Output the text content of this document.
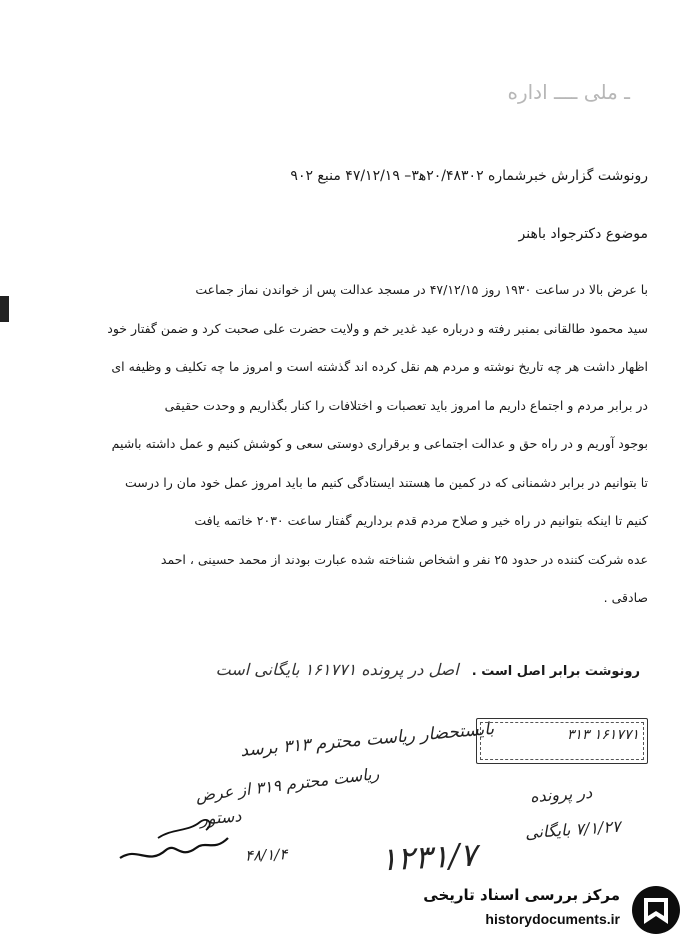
ـ ملی ــــ اداره
رونوشت گزارش خبرشماره ۲۰/۴۸۳۰۲ه‍۳– ۴۷/۱۲/۱۹ منبع ۹۰۲
موضوع دکترجواد باهنر
با عرض بالا در ساعت ۱۹۳۰ روز ۴۷/۱۲/۱۵ در مسجد عدالت پس از خواندن نماز جماعت
سید محمود طالقانی بمنبر رفته و درباره عید غدیر خم و ولایت حضرت علی صحبت کرد و ضمن گفتار خود
اظهار داشت هر چه تاریخ نوشته و مردم هم نقل کرده اند گذشته است و امروز ما چه تکلیف و وظیفه ای
در برابر مردم و اجتماع داریم ما امروز باید تعصبات و اختلافات را کنار بگذاریم و وحدت حقیقی
بوجود آوریم و در راه حق و عدالت اجتماعی و برقراری دوستی سعی و کوشش کنیم و عمل داشته باشیم
تا بتوانیم در برابر دشمنانی که در کمین ما هستند ایستادگی کنیم ما باید امروز عمل خود مان را درست
کنیم تا اینکه بتوانیم در راه خیر و صلاح مردم قدم برداریم گفتار ساعت ۲۰۳۰ خاتمه یافت
عده شرکت کننده در حدود ۲۵ نفر و اشخاص شناخته شده عبارت بودند از محمد حسینی ، احمد
صادقی .
رونوشت برابر اصل است . اصل در پرونده ۱۶۱۷۷۱ بایگانی است
۱۶۱۷۷۱ ۳۱۳
بایستحضار ریاست محترم ۳۱۳ برسد
ریاست محترم ۳۱۹ از عرض
دستور
۴۸/۱/۴	۱۲۳۱/۷
در پرونده
۷/۱/۲۷ بایگانی
مرکز بررسی اسناد تاریخی
historydocuments.ir
